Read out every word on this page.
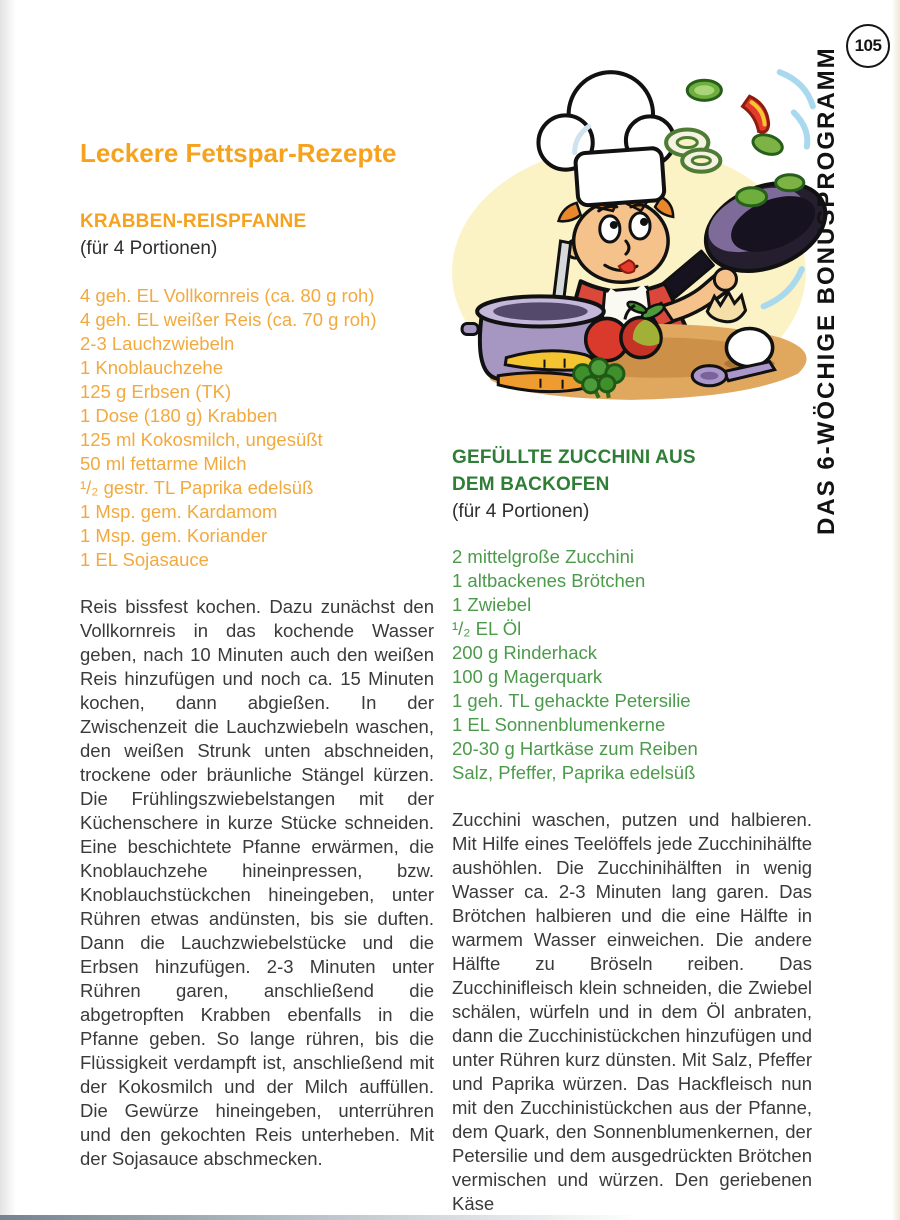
Leckere Fettspar-Rezepte
KRABBEN-REISPFANNE

(für 4 Portionen)

4 geh. EL Vollkornreis (ca. 80 g roh)
4 geh. EL weißer Reis (ca. 70 g roh)
2-3 Lauchzwiebeln
1 Knoblauchzehe
125 g Erbsen (TK)
1 Dose (180 g) Krabben
125 ml Kokosmilch, ungesüßt
50 ml fettarme Milch
¹/₂ gestr. TL Paprika edelsüß
1 Msp. gem. Kardamom
1 Msp. gem. Koriander
1 EL Sojasauce

Reis bissfest kochen. Dazu zunächst den Vollkornreis in das kochende Wasser geben, nach 10 Minuten auch den weißen Reis hinzufügen und noch ca. 15 Minuten kochen, dann abgießen. In der Zwischenzeit die Lauchzwiebeln waschen, den weißen Strunk unten abschneiden, trockene oder bräunliche Stängel kürzen. Die Frühlingszwiebelstangen mit der Küchenschere in kurze Stücke schneiden. Eine beschichtete Pfanne erwärmen, die Knoblauchzehe hineinpressen, bzw. Knoblauchstückchen hineingeben, unter Rühren etwas andünsten, bis sie duften. Dann die Lauchzwiebelstücke und die Erbsen hinzufügen. 2-3 Minuten unter Rühren garen, anschließend die abgetropften Krabben ebenfalls in die Pfanne geben. So lange rühren, bis die Flüssigkeit verdampft ist, anschließend mit der Kokosmilch und der Milch auffüllen. Die Gewürze hineingeben, unterrühren und den gekochten Reis unterheben. Mit der Sojasauce abschmecken.

GEFÜLLTE ZUCCHINI AUS
DEM BACKOFEN

(für 4 Portionen)

2 mittelgroße Zucchini
1 altbackenes Brötchen
1 Zwiebel
¹/₂ EL Öl
200 g Rinderhack
100 g Magerquark
1 geh. TL gehackte Petersilie
1 EL Sonnenblumenkerne
20-30 g Hartkäse zum Reiben
Salz, Pfeffer, Paprika edelsüß

Zucchini waschen, putzen und halbieren. Mit Hilfe eines Teelöffels jede Zucchinihälfte aushöhlen. Die Zucchinihälften in wenig Wasser ca. 2-3 Minuten lang garen. Das Brötchen halbieren und die eine Hälfte in warmem Wasser einweichen. Die andere Hälfte zu Bröseln reiben. Das Zucchinifleisch klein schneiden, die Zwiebel schälen, würfeln und in dem Öl anbraten, dann die Zucchinistückchen hinzufügen und unter Rühren kurz dünsten. Mit Salz, Pfeffer und Paprika würzen. Das Hackfleisch nun mit den Zucchinistückchen aus der Pfanne, dem Quark, den Sonnenblumenkernen, der Petersilie und dem ausgedrückten Brötchen vermischen und würzen. Den geriebenen Käse

105
DAS 6-WÖCHIGE BONUSPROGRAMM
